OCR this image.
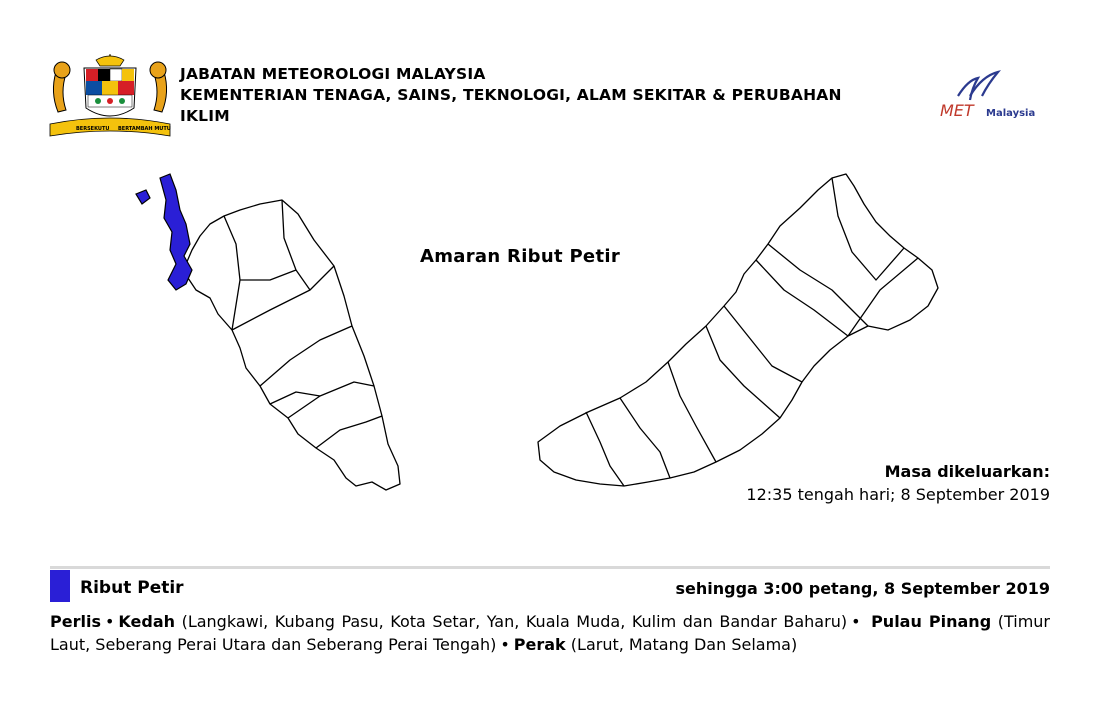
BERSEKUTU BERTAMBAH MUTU
JABATAN METEOROLOGI MALAYSIA
KEMENTERIAN TENAGA, SAINS, TEKNOLOGI, ALAM SEKITAR & PERUBAHAN
IKLIM	MET Malaysia
Amaran Ribut Petir
Masa dikeluarkan:
12:35 tengah hari; 8 September 2019
Ribut Petir	sehingga 3:00 petang, 8 September 2019
Perlis • Kedah (Langkawi, Kubang Pasu, Kota Setar, Yan, Kuala Muda, Kulim dan Bandar Baharu) • Pulau Pinang (Timur Laut, Seberang Perai Utara dan Seberang Perai Tengah) • Perak (Larut, Matang Dan Selama)
